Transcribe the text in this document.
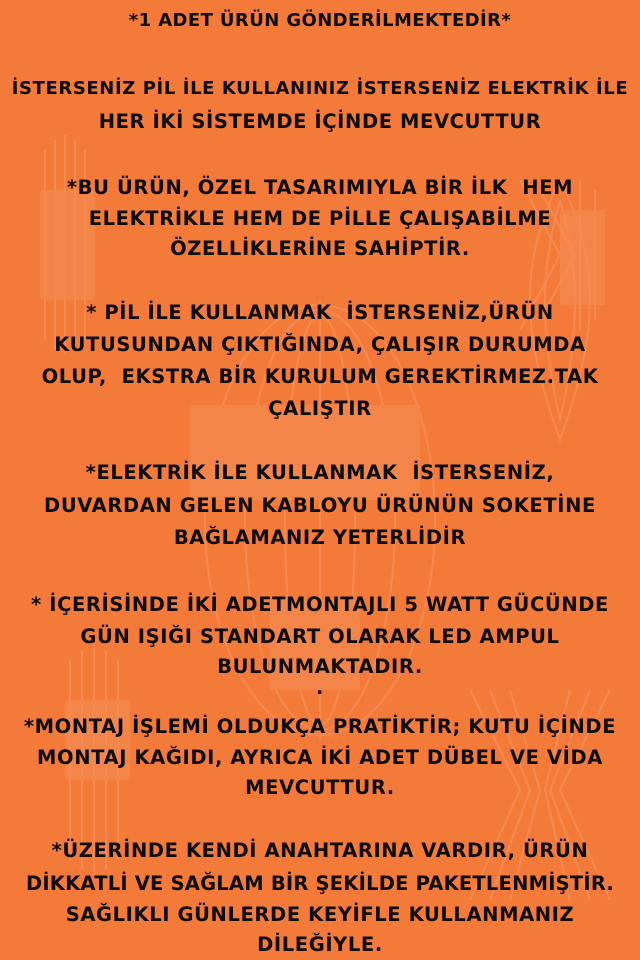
*1 ADET ÜRÜN GÖNDERİLMEKTEDİR*
İSTERSENİZ PİL İLE KULLANINIZ İSTERSENİZ ELEKTRİK İLE
HER İKİ SİSTEMDE İÇİNDE MEVCUTTUR
*BU ÜRÜN, ÖZEL TASARIMIYLA BİR İLK  HEM
ELEKTRİKLE HEM DE PİLLE ÇALIŞABİLME
ÖZELLİKLERİNE SAHİPTİR.
* PİL İLE KULLANMAK  İSTERSENİZ,ÜRÜN
KUTUSUNDAN ÇIKTIĞINDA, ÇALIŞIR DURUMDA
OLUP,  EKSTRA BİR KURULUM GEREKTİRMEZ.TAK
ÇALIŞTIR
*ELEKTRİK İLE KULLANMAK  İSTERSENİZ,
DUVARDAN GELEN KABLOYU ÜRÜNÜN SOKETİNE
BAĞLAMANIZ YETERLİDİR
* İÇERİSİNDE İKİ ADETMONTAJLI 5 WATT GÜCÜNDE
GÜN IŞIĞI STANDART OLARAK LED AMPUL
BULUNMAKTADIR.
.
*MONTAJ İŞLEMİ OLDUKÇA PRATİKTİR; KUTU İÇİNDE
MONTAJ KAĞIDI, AYRICA İKİ ADET DÜBEL VE VİDA
MEVCUTTUR.
*ÜZERİNDE KENDİ ANAHTARINA VARDIR, ÜRÜN
DİKKATLİ VE SAĞLAM BİR ŞEKİLDE PAKETLENMİŞTİR.
SAĞLIKLI GÜNLERDE KEYİFLE KULLANMANIZ
DİLEĞİYLE.
